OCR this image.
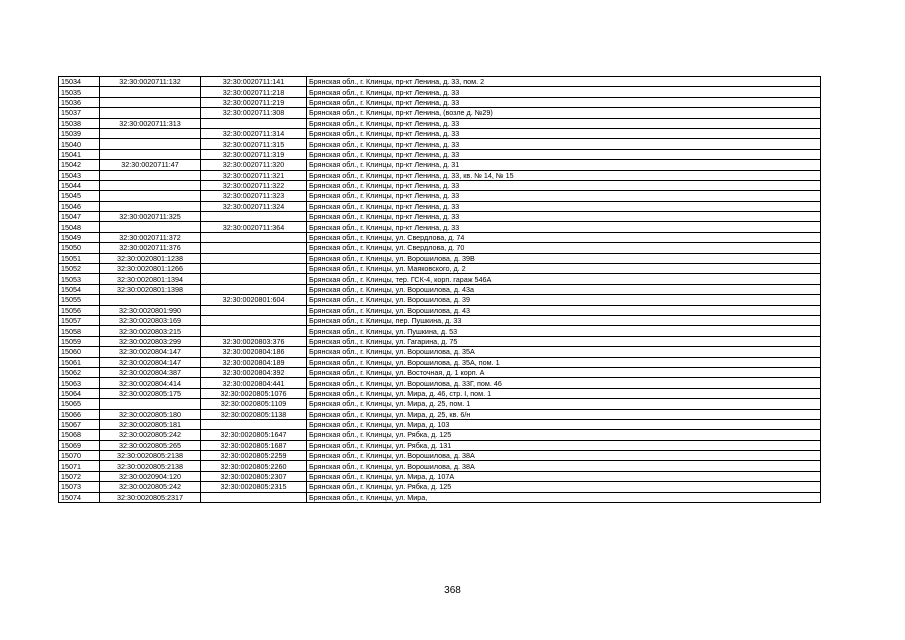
15034	32:30:0020711:132	32:30:0020711:141	Брянская обл., г. Клинцы, пр-кт Ленина, д. 33, пом. 2
15035		32:30:0020711:218	Брянская обл., г. Клинцы, пр-кт Ленина, д. 33
15036		32:30:0020711:219	Брянская обл., г. Клинцы, пр-кт Ленина, д. 33
15037		32:30:0020711:308	Брянская обл., г. Клинцы, пр-кт Ленина, (возле д. №29)
15038	32:30:0020711:313		Брянская обл., г. Клинцы, пр-кт Ленина, д. 33
15039		32:30:0020711:314	Брянская обл., г. Клинцы, пр-кт Ленина, д. 33
15040		32:30:0020711:315	Брянская обл., г. Клинцы, пр-кт Ленина, д. 33
15041		32:30:0020711:319	Брянская обл., г. Клинцы, пр-кт Ленина, д. 33
15042	32:30:0020711:47	32:30:0020711:320	Брянская обл., г. Клинцы, пр-кт Ленина, д. 31
15043		32:30:0020711:321	Брянская обл., г. Клинцы, пр-кт Ленина, д. 33, кв. № 14, № 15
15044		32:30:0020711:322	Брянская обл., г. Клинцы, пр-кт Ленина, д. 33
15045		32:30:0020711:323	Брянская обл., г. Клинцы, пр-кт Ленина, д. 33
15046		32:30:0020711:324	Брянская обл., г. Клинцы, пр-кт Ленина, д. 33
15047	32:30:0020711:325		Брянская обл., г. Клинцы, пр-кт Ленина, д. 33
15048		32:30:0020711:364	Брянская обл., г. Клинцы, пр-кт Ленина, д. 33
15049	32:30:0020711:372		Брянская обл., г. Клинцы, ул. Свердлова, д. 74
15050	32:30:0020711:376		Брянская обл., г. Клинцы, ул. Свердлова, д. 70
15051	32:30:0020801:1238		Брянская обл., г. Клинцы, ул. Ворошилова, д. 39В
15052	32:30:0020801:1266		Брянская обл., г. Клинцы, ул. Маяковского, д. 2
15053	32:30:0020801:1394		Брянская обл., г. Клинцы, тер. ГСК-4, корп. гараж 546А
15054	32:30:0020801:1398		Брянская обл., г. Клинцы, ул. Ворошилова, д. 43а
15055		32:30:0020801:604	Брянская обл., г. Клинцы, ул. Ворошилова, д. 39
15056	32:30:0020801:990		Брянская обл., г. Клинцы, ул. Ворошилова, д. 43
15057	32:30:0020803:169		Брянская обл., г. Клинцы, пер. Пушкина, д. 33
15058	32:30:0020803:215		Брянская обл., г. Клинцы, ул. Пушкина, д. 53
15059	32:30:0020803:299	32:30:0020803:376	Брянская обл., г. Клинцы, ул. Гагарина, д. 75
15060	32:30:0020804:147	32:30:0020804:186	Брянская обл., г. Клинцы, ул. Ворошилова, д. 35А
15061	32:30:0020804:147	32:30:0020804:189	Брянская обл., г. Клинцы, ул. Ворошилова, д. 35А, пом. 1
15062	32:30:0020804:387	32:30:0020804:392	Брянская обл., г. Клинцы, ул. Восточная, д. 1 корп. А
15063	32:30:0020804:414	32:30:0020804:441	Брянская обл., г. Клинцы, ул. Ворошилова, д. 33Г, пом. 46
15064	32:30:0020805:175	32:30:0020805:1076	Брянская обл., г. Клинцы, ул. Мира, д. 46, стр. I, пом. 1
15065		32:30:0020805:1109	Брянская обл., г. Клинцы, ул. Мира, д. 25, пом. 1
15066	32:30:0020805:180	32:30:0020805:1138	Брянская обл., г. Клинцы, ул. Мира, д. 25, кв. 6/н
15067	32:30:0020805:181		Брянская обл., г. Клинцы, ул. Мира, д. 103
15068	32:30:0020805:242	32:30:0020805:1647	Брянская обл., г. Клинцы, ул. Рябка, д. 125
15069	32:30:0020805:265	32:30:0020805:1687	Брянская обл., г. Клинцы, ул. Рябка, д. 131
15070	32:30:0020805:2138	32:30:0020805:2259	Брянская обл., г. Клинцы, ул. Ворошилова, д. 38А
15071	32:30:0020805:2138	32:30:0020805:2260	Брянская обл., г. Клинцы, ул. Ворошилова, д. 38А
15072	32:30:0020904:120	32:30:0020805:2307	Брянская обл., г. Клинцы, ул. Мира, д. 107А
15073	32:30:0020805:242	32:30:0020805:2315	Брянская обл., г. Клинцы, ул. Рябка, д. 125
15074	32:30:0020805:2317		Брянская обл., г. Клинцы, ул. Мира,
368
